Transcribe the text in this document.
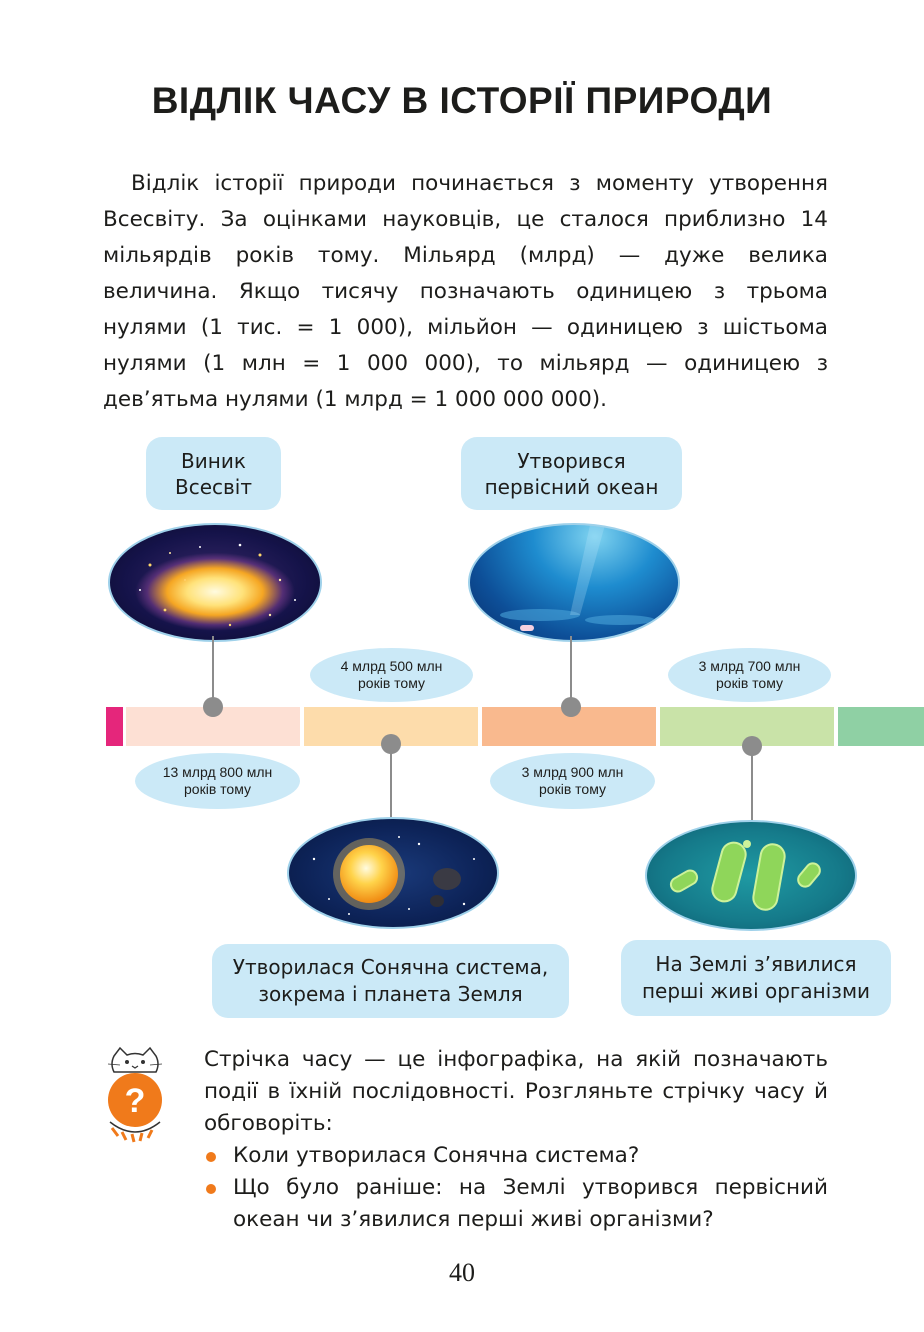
ВІДЛІК ЧАСУ В ІСТОРІЇ ПРИРОДИ

Відлік історії природи починається з моменту утворення Всесвіту. За оцінками науковців, це сталося приблизно 14 мільярдів років тому. Мільярд (млрд) — дуже велика величина. Якщо тисячу позначають одиницею з трьома нулями (1 тис. = 1 000), мільйон — одиницею з шістьома нулями (1 млн = 1 000 000), то мільярд — одиницею з дев’ятьма нулями (1 млрд = 1 000 000 000).

Виник
Всесвіт
Утворився
первісний океан
4 млрд 500 млн
років тому
3 млрд 700 млн
років тому
13 млрд 800 млн
років тому
3 млрд 900 млн
років тому
Утворилася Сонячна система,
зокрема і планета Земля
На Землі з’явилися
перші живі організми
?

Стрічка часу — це інфографіка, на якій позначають події в їхній послідовності. Розгляньте стрічку часу й обговоріть:

Коли утворилася Сонячна система?
Що було раніше: на Землі утворився первісний океан чи з’явилися перші живі організми?
40
